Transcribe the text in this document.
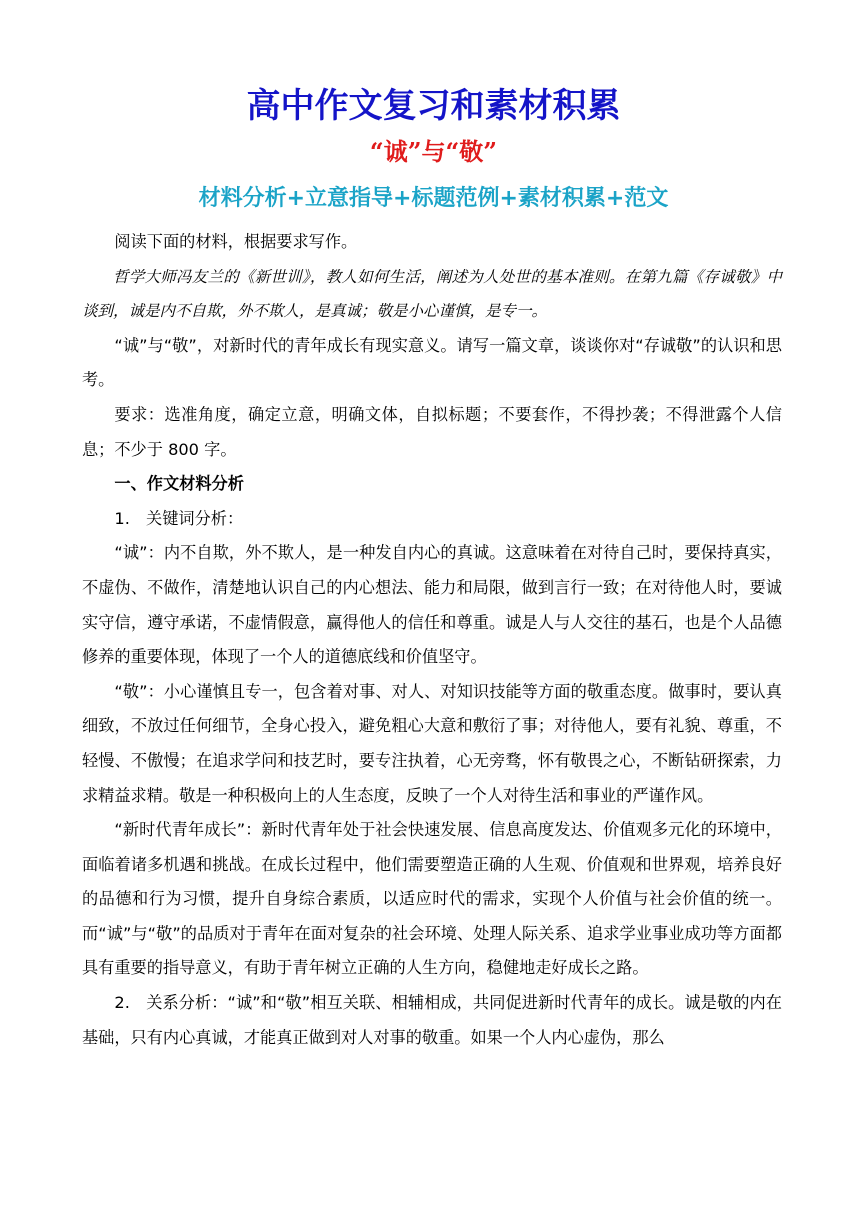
高中作文复习和素材积累
“诚”与“敬”
材料分析+立意指导+标题范例+素材积累+范文

阅读下面的材料，根据要求写作。

哲学大师冯友兰的《新世训》，教人如何生活，阐述为人处世的基本准则。在第九篇《存诚敬》中谈到，诚是内不自欺，外不欺人，是真诚；敬是小心谨慎，是专一。

“诚”与“敬”，对新时代的青年成长有现实意义。请写一篇文章，谈谈你对“存诚敬”的认识和思考。

要求：选准角度，确定立意，明确文体，自拟标题；不要套作，不得抄袭；不得泄露个人信息；不少于 800 字。

一、作文材料分析

1.　关键词分析：

“诚”：内不自欺，外不欺人，是一种发自内心的真诚。这意味着在对待自己时，要保持真实，不虚伪、不做作，清楚地认识自己的内心想法、能力和局限，做到言行一致；在对待他人时，要诚实守信，遵守承诺，不虚情假意，赢得他人的信任和尊重。诚是人与人交往的基石，也是个人品德修养的重要体现，体现了一个人的道德底线和价值坚守。

“敬”：小心谨慎且专一，包含着对事、对人、对知识技能等方面的敬重态度。做事时，要认真细致，不放过任何细节，全身心投入，避免粗心大意和敷衍了事；对待他人，要有礼貌、尊重，不轻慢、不傲慢；在追求学问和技艺时，要专注执着，心无旁骛，怀有敬畏之心，不断钻研探索，力求精益求精。敬是一种积极向上的人生态度，反映了一个人对待生活和事业的严谨作风。

“新时代青年成长”：新时代青年处于社会快速发展、信息高度发达、价值观多元化的环境中，面临着诸多机遇和挑战。在成长过程中，他们需要塑造正确的人生观、价值观和世界观，培养良好的品德和行为习惯，提升自身综合素质，以适应时代的需求，实现个人价值与社会价值的统一。而“诚”与“敬”的品质对于青年在面对复杂的社会环境、处理人际关系、追求学业事业成功等方面都具有重要的指导意义，有助于青年树立正确的人生方向，稳健地走好成长之路。

2.　关系分析：“诚”和“敬”相互关联、相辅相成，共同促进新时代青年的成长。诚是敬的内在基础，只有内心真诚，才能真正做到对人对事的敬重。如果一个人内心虚伪，那么
